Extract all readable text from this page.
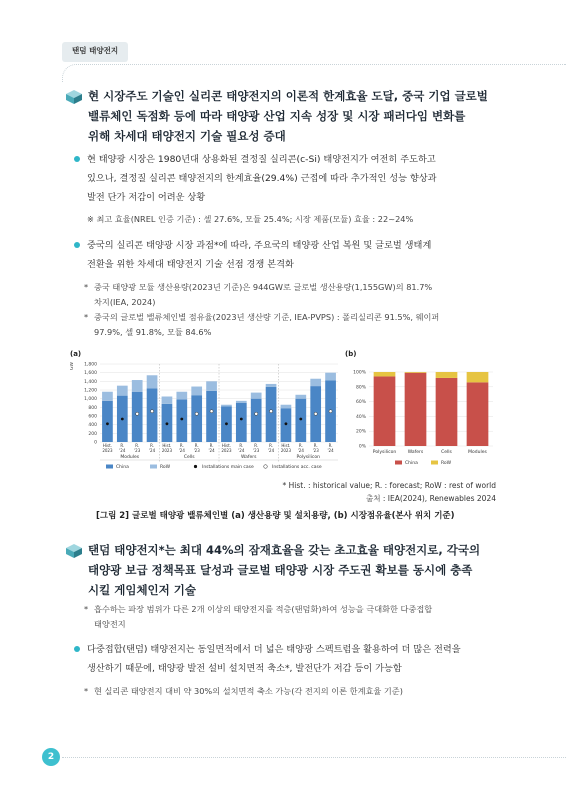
탠덤 태양전지
현 시장주도 기술인 실리콘 태양전지의 이론적 한계효율 도달, 중국 기업 글로벌
밸류체인 독점화 등에 따라 태양광 산업 지속 성장 및 시장 패러다임 변화를
위해 차세대 태양전지 기술 필요성 증대
현 태양광 시장은 1980년대 상용화된 결정질 실리콘(c-Si) 태양전지가 여전히 주도하고
있으나, 결정질 실리콘 태양전지의 한계효율(29.4%) 근접에 따라 추가적인 성능 향상과
발전 단가 저감이 어려운 상황
※ 최고 효율(NREL 인증 기준) : 셀 27.6%, 모듈 25.4%; 시장 제품(모듈) 효율 : 22~24%
중국의 실리콘 태양광 시장 과점*에 따라, 주요국의 태양광 산업 복원 및 글로벌 생태계
전환을 위한 차세대 태양전지 기술 선점 경쟁 본격화
* 중국 태양광 모듈 생산용량(2023년 기준)은 944GW로 글로벌 생산용량(1,155GW)의 81.7%
차지(IEA, 2024)
* 중국의 글로벌 밸류체인별 점유율(2023년 생산량 기준, IEA-PVPS) : 폴리실리콘 91.5%, 웨이퍼
97.9%, 셀 91.8%, 모듈 84.6%
(a)
GW
0
200
400
600
800
1,000
1,200
1,400
1,600
1,800
Hist.
2023
R.
'24
R.
'23
R.
'24
Modules
Hist.
2023
R.
'24
R.
'23
R.
'24
Cells
Hist.
2023
R.
'24
R.
'23
R.
'24
Wafers
Hist.
2023
R.
'24
R.
'23
R.
'24
Polysilicon
China	RoW	Installations main case	Installations acc. case
(b)
0%
20%
40%
60%
80%
100%
Polysilicon	Wafers	Cells	Modules
China	RoW
* Hist. : historical value; R. : forecast; RoW : rest of world
출처 : IEA(2024), Renewables 2024
[그림 2] 글로벌 태양광 밸류체인별 (a) 생산용량 및 설치용량, (b) 시장점유율(본사 위치 기준)
탠덤 태양전지*는 최대 44%의 잠재효율을 갖는 초고효율 태양전지로, 각국의
태양광 보급 정책목표 달성과 글로벌 태양광 시장 주도권 확보를 동시에 충족
시킬 게임체인저 기술
* 흡수하는 파장 범위가 다른 2개 이상의 태양전지를 적층(탠덤화)하여 성능을 극대화한 다중접합
태양전지
다중접합(탠덤) 태양전지는 동일면적에서 더 넓은 태양광 스펙트럼을 활용하여 더 많은 전력을
생산하기 때문에, 태양광 발전 설비 설치면적 축소*, 발전단가 저감 등이 가능함
* 현 실리콘 태양전지 대비 약 30%의 설치면적 축소 가능(각 전지의 이론 한계효율 기준)
2
